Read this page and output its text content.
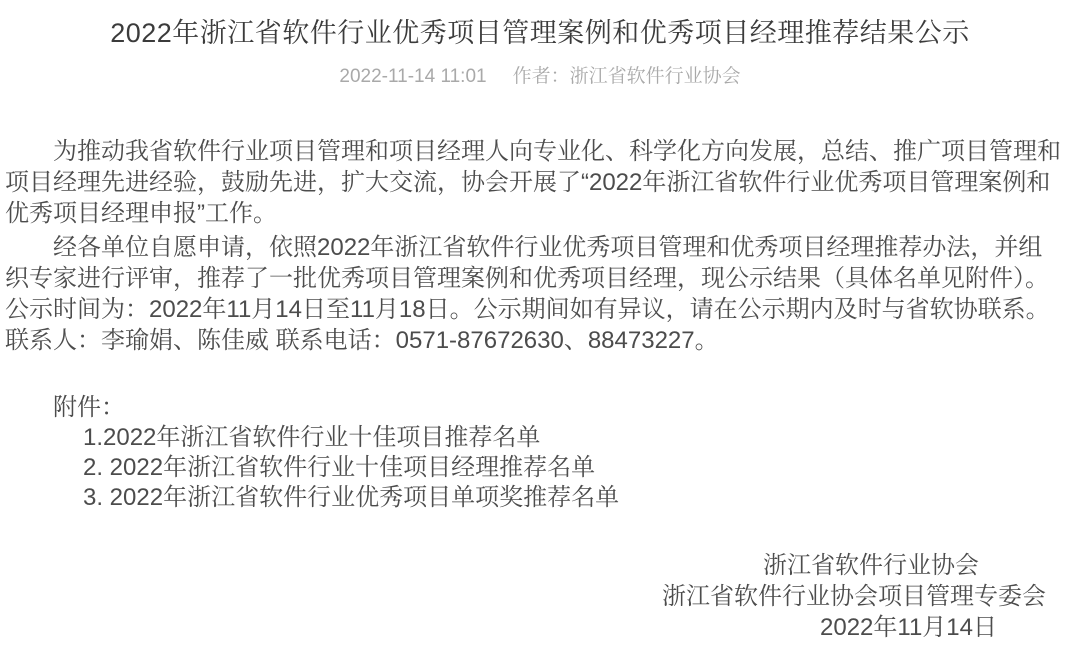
2022年浙江省软件行业优秀项目管理案例和优秀项目经理推荐结果公示
2022-11-14 11:01 作者：浙江省软件行业协会

为推动我省软件行业项目管理和项目经理人向专业化、科学化方向发展，总结、推广项目管理和项目经理先进经验，鼓励先进，扩大交流，协会开展了“2022年浙江省软件行业优秀项目管理案例和优秀项目经理申报”工作。

经各单位自愿申请，依照2022年浙江省软件行业优秀项目管理和优秀项目经理推荐办法，并组织专家进行评审，推荐了一批优秀项目管理案例和优秀项目经理，现公示结果（具体名单见附件）。公示时间为：2022年11月14日至11月18日。公示期间如有异议，请在公示期内及时与省软协联系。 联系人：李瑜娟、陈佳威 联系电话：0571-87672630、88473227。

附件：
1.2022年浙江省软件行业十佳项目推荐名单
2. 2022年浙江省软件行业十佳项目经理推荐名单
3. 2022年浙江省软件行业优秀项目单项奖推荐名单
浙江省软件行业协会
浙江省软件行业协会项目管理专委会
2022年11月14日
